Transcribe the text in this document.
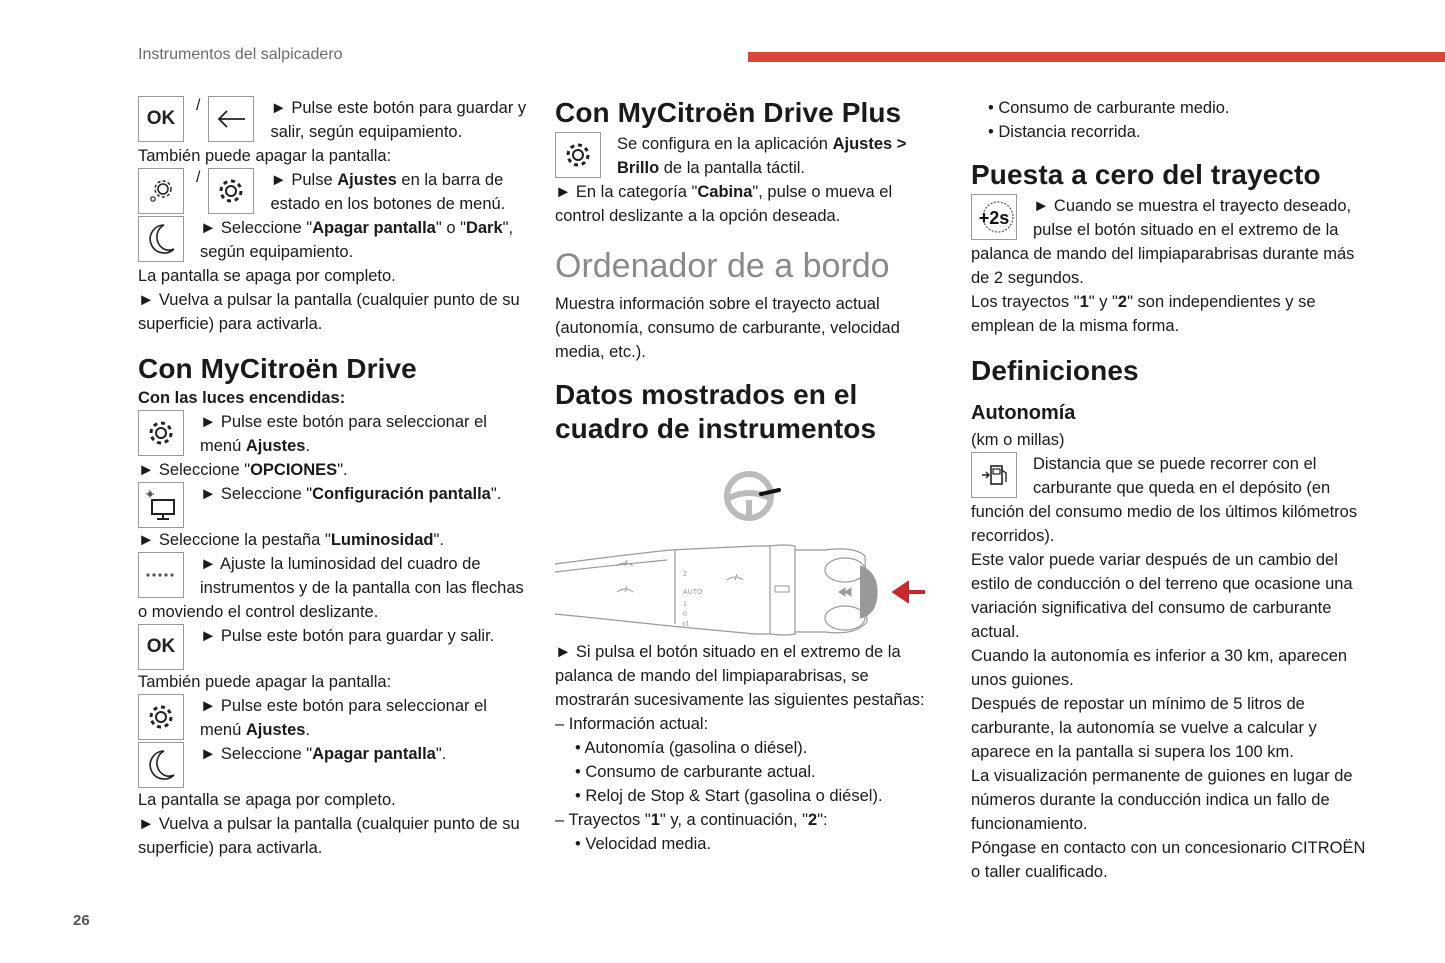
Instrumentos del salpicadero
26
OK
/	► Pulse este botón para guardar y salir, según equipamiento.

También puede apagar la pantalla:

/	► Pulse Ajustes en la barra de estado en los botones de menú.

► Seleccione "Apagar pantalla" o "Dark", según equipamiento.

La pantalla se apaga por completo.

► Vuelva a pulsar la pantalla (cualquier punto de su superficie) para activarla.

Con MyCitroën Drive

Con las luces encendidas:

► Pulse este botón para seleccionar el menú Ajustes.

► Seleccione "OPCIONES".

► Seleccione "Configuración pantalla".

► Seleccione la pestaña "Luminosidad".

► Ajuste la luminosidad del cuadro de instrumentos y de la pantalla con las flechas o moviendo el control deslizante.

OK	► Pulse este botón para guardar y salir.

También puede apagar la pantalla:

► Pulse este botón para seleccionar el menú Ajustes.

► Seleccione "Apagar pantalla".

La pantalla se apaga por completo.

► Vuelva a pulsar la pantalla (cualquier punto de su superficie) para activarla.

Con MyCitroën Drive Plus

Se configura en la aplicación Ajustes > Brillo de la pantalla táctil.

► En la categoría "Cabina", pulse o mueva el control deslizante a la opción deseada.

Ordenador de a bordo

Muestra información sobre el trayecto actual (autonomía, consumo de carburante, velocidad media, etc.).

Datos mostrados en el cuadro de instrumentos
2
AUTO
1
0
x1

► Si pulsa el botón situado en el extremo de la palanca de mando del limpiaparabrisas, se mostrarán sucesivamente las siguientes pestañas:

– Información actual:

• Autonomía (gasolina o diésel).

• Consumo de carburante actual.

• Reloj de Stop & Start (gasolina o diésel).

– Trayectos "1" y, a continuación, "2":

• Velocidad media.

• Consumo de carburante medio.

• Distancia recorrida.

Puesta a cero del trayecto
+2s

► Cuando se muestra el trayecto deseado, pulse el botón situado en el extremo de la palanca de mando del limpiaparabrisas durante más de 2 segundos.

Los trayectos "1" y "2" son independientes y se emplean de la misma forma.

Definiciones
Autonomía

(km o millas)

Distancia que se puede recorrer con el carburante que queda en el depósito (en función del consumo medio de los últimos kilómetros recorridos).

Este valor puede variar después de un cambio del estilo de conducción o del terreno que ocasione una variación significativa del consumo de carburante actual.

Cuando la autonomía es inferior a 30 km, aparecen unos guiones.

Después de repostar un mínimo de 5 litros de carburante, la autonomía se vuelve a calcular y aparece en la pantalla si supera los 100 km.

La visualización permanente de guiones en lugar de números durante la conducción indica un fallo de funcionamiento.

Póngase en contacto con un concesionario CITROËN o taller cualificado.
